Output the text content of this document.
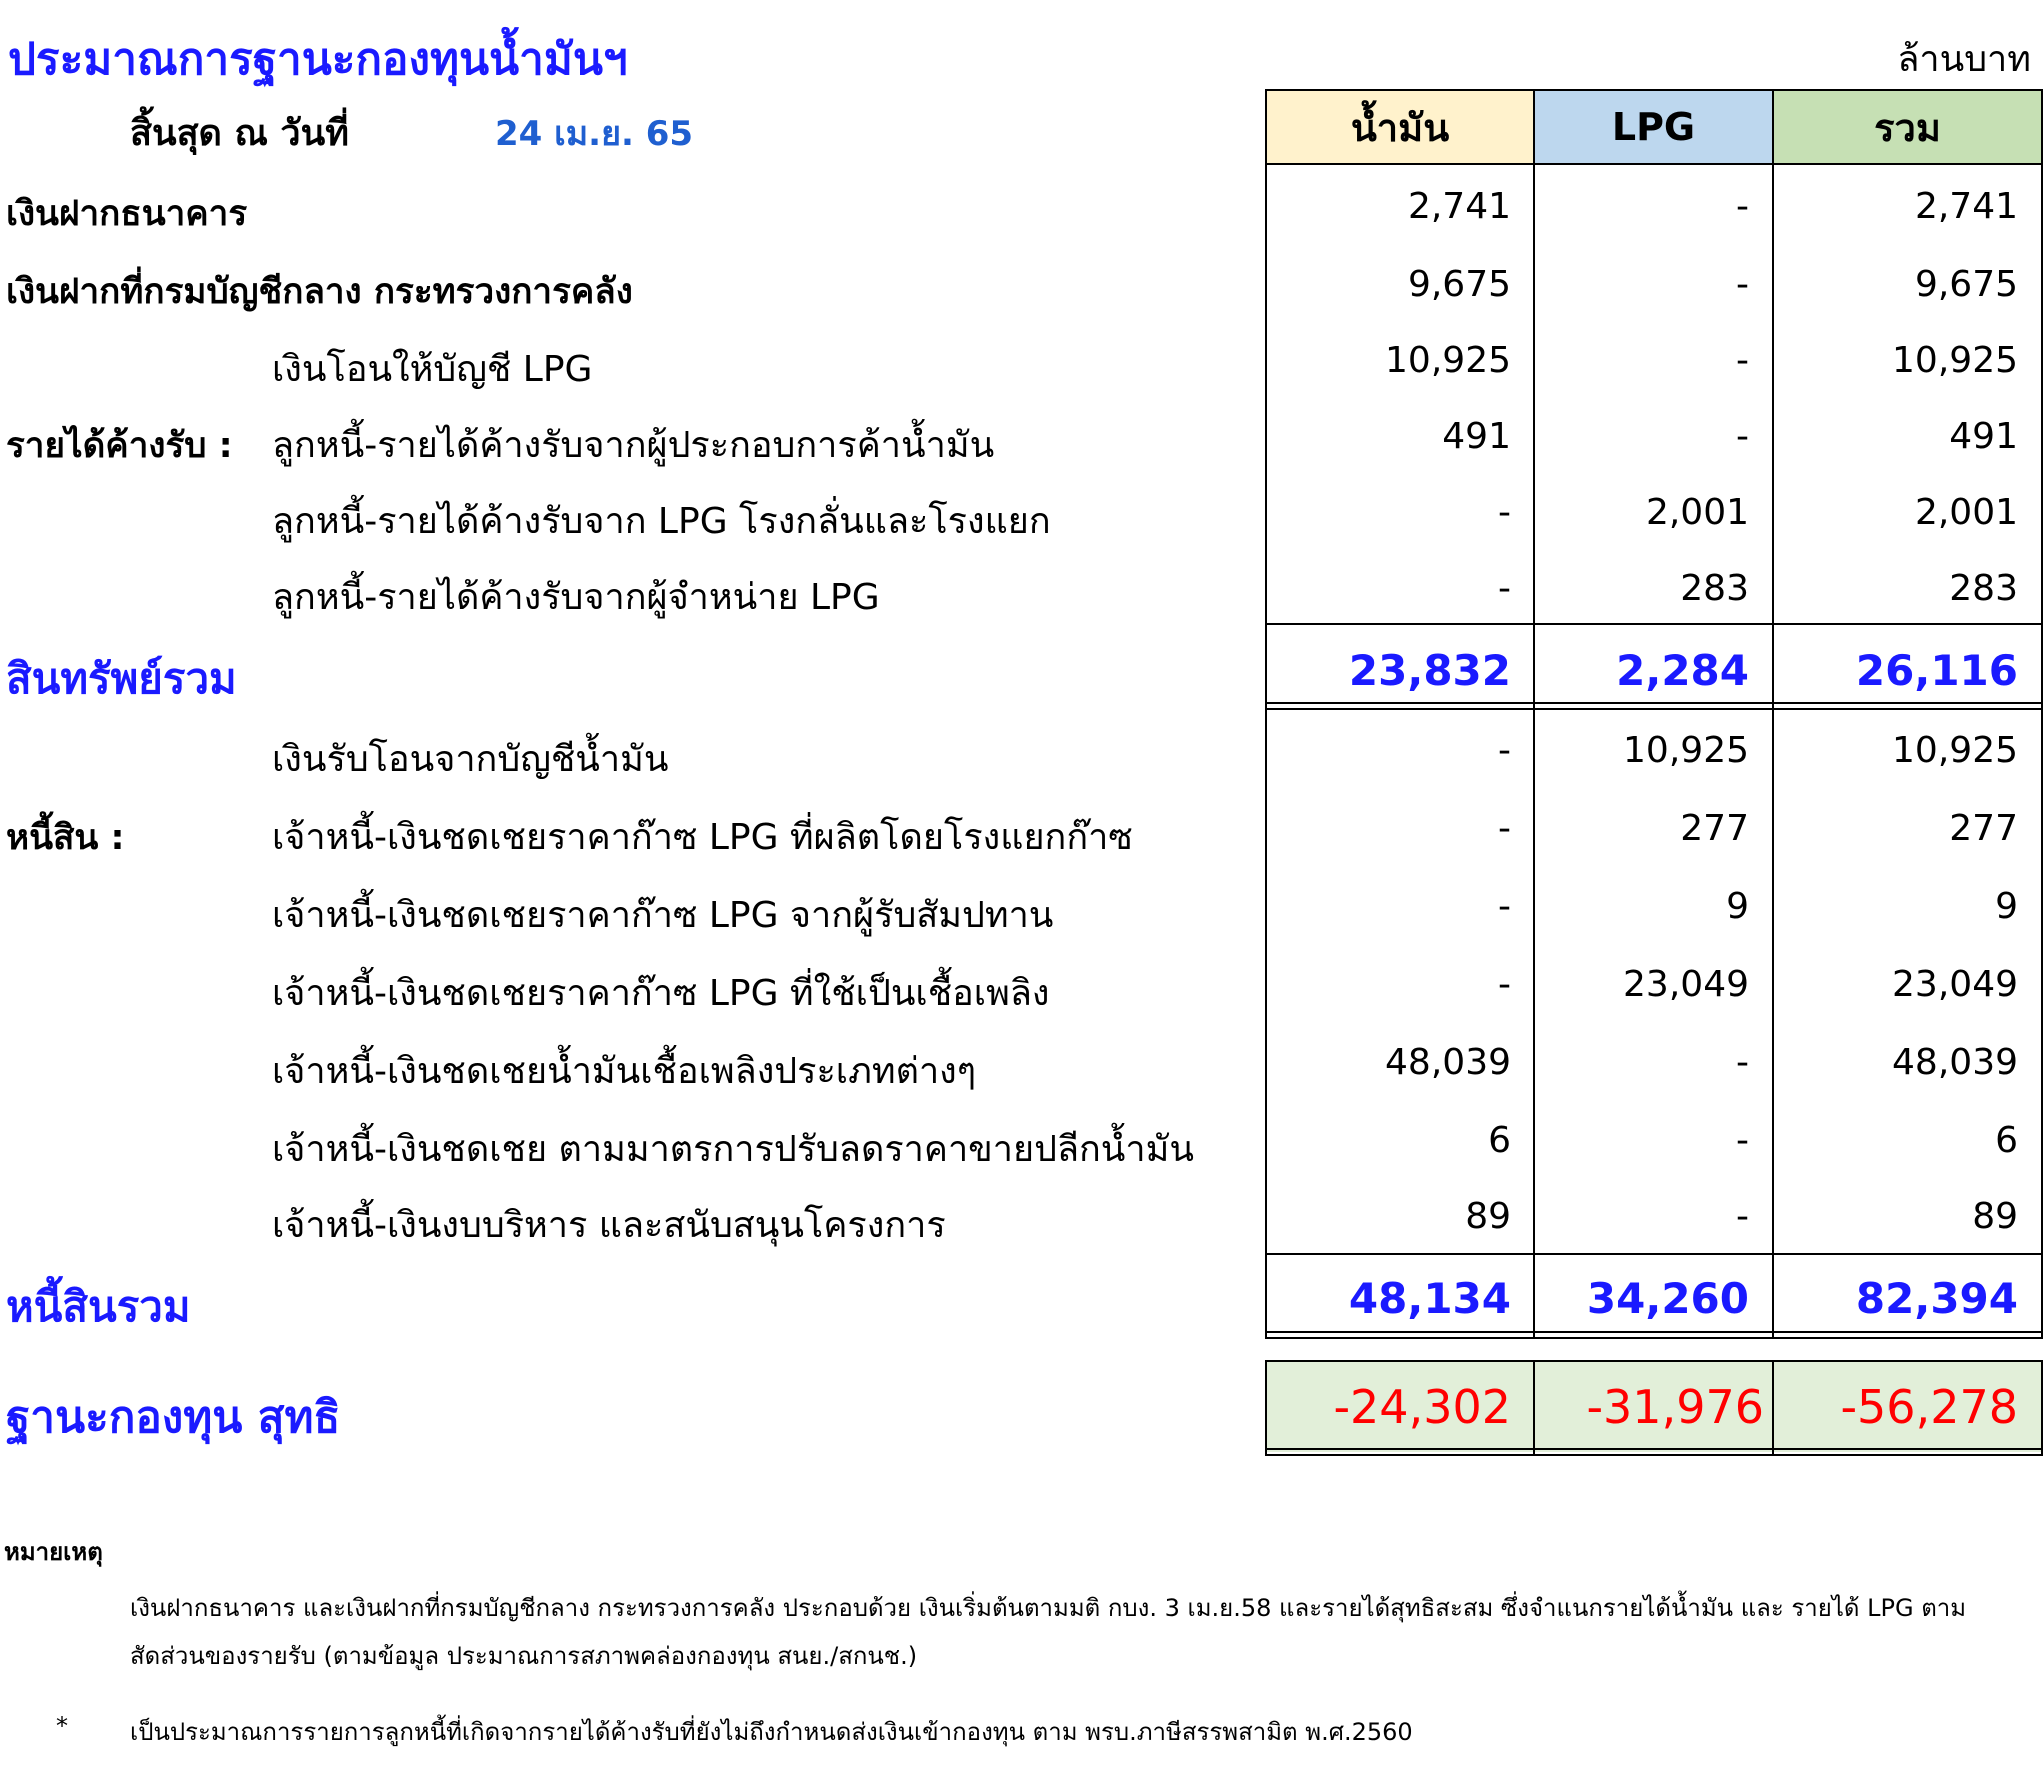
ประมาณการฐานะกองทุนน้ำมันฯ	ล้านบาท
สิ้นสุด ณ วันที่	24 เม.ย. 65	น้ำมัน	LPG	รวม
รายได้ค้างรับ :
หนี้สิน :
เงินฝากธนาคาร	2,741	-	2,741
เงินฝากที่กรมบัญชีกลาง กระทรวงการคลัง	9,675	-	9,675
เงินโอนให้บัญชี LPG	10,925	-	10,925
ลูกหนี้-รายได้ค้างรับจากผู้ประกอบการค้าน้ำมัน	491	-	491
ลูกหนี้-รายได้ค้างรับจาก LPG โรงกลั่นและโรงแยก	-	2,001	2,001
ลูกหนี้-รายได้ค้างรับจากผู้จำหน่าย LPG	-	283	283
สินทรัพย์รวม	23,832	2,284	26,116
เงินรับโอนจากบัญชีน้ำมัน	-	10,925	10,925
เจ้าหนี้-เงินชดเชยราคาก๊าซ LPG ที่ผลิตโดยโรงแยกก๊าซ	-	277	277
เจ้าหนี้-เงินชดเชยราคาก๊าซ LPG จากผู้รับสัมปทาน	-	9	9
เจ้าหนี้-เงินชดเชยราคาก๊าซ LPG ที่ใช้เป็นเชื้อเพลิง	-	23,049	23,049
เจ้าหนี้-เงินชดเชยน้ำมันเชื้อเพลิงประเภทต่างๆ	48,039	-	48,039
เจ้าหนี้-เงินชดเชย ตามมาตรการปรับลดราคาขายปลีกน้ำมัน	6	-	6
เจ้าหนี้-เงินงบบริหาร และสนับสนุนโครงการ	89	-	89
หนี้สินรวม	48,134	34,260	82,394
ฐานะกองทุน สุทธิ	-24,302	-31,976	-56,278
หมายเหตุ
เงินฝากธนาคาร และเงินฝากที่กรมบัญชีกลาง กระทรวงการคลัง ประกอบด้วย เงินเริ่มต้นตามมติ กบง. 3 เม.ย.58 และรายได้สุทธิสะสม ซึ่งจำแนกรายได้น้ำมัน และ รายได้ LPG ตาม
สัดส่วนของรายรับ (ตามข้อมูล ประมาณการสภาพคล่องกองทุน สนย./สกนช.)
*	เป็นประมาณการรายการลูกหนี้ที่เกิดจากรายได้ค้างรับที่ยังไม่ถึงกำหนดส่งเงินเข้ากองทุน ตาม พรบ.ภาษีสรรพสามิต พ.ศ.2560
